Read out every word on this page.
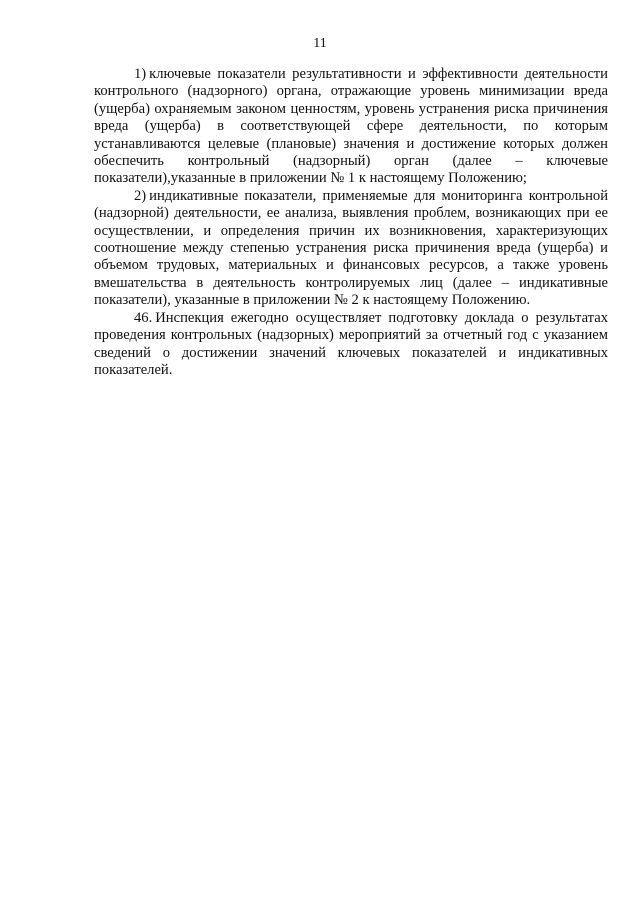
11

1) ключевые показатели результативности и эффективности деятельности контрольного (надзорного) органа, отражающие уровень минимизации вреда (ущерба) охраняемым законом ценностям, уровень устранения риска причинения вреда (ущерба) в соответствующей сфере деятельности, по которым устанавливаются целевые (плановые) значения и достижение которых должен обеспечить контрольный (надзорный) орган (далее – ключевые показатели),указанные в приложении № 1 к настоящему Положению;

2) индикативные показатели, применяемые для мониторинга контрольной (надзорной) деятельности, ее анализа, выявления проблем, возникающих при ее осуществлении, и определения причин их возникновения, характеризующих соотношение между степенью устранения риска причинения вреда (ущерба) и объемом трудовых, материальных и финансовых ресурсов, а также уровень вмешательства в деятельность контролируемых лиц (далее – индикативные показатели), указанные в приложении № 2 к настоящему Положению.

46. Инспекция ежегодно осуществляет подготовку доклада о результатах проведения контрольных (надзорных) мероприятий за отчетный год с указанием сведений о достижении значений ключевых показателей и индикативных показателей.
